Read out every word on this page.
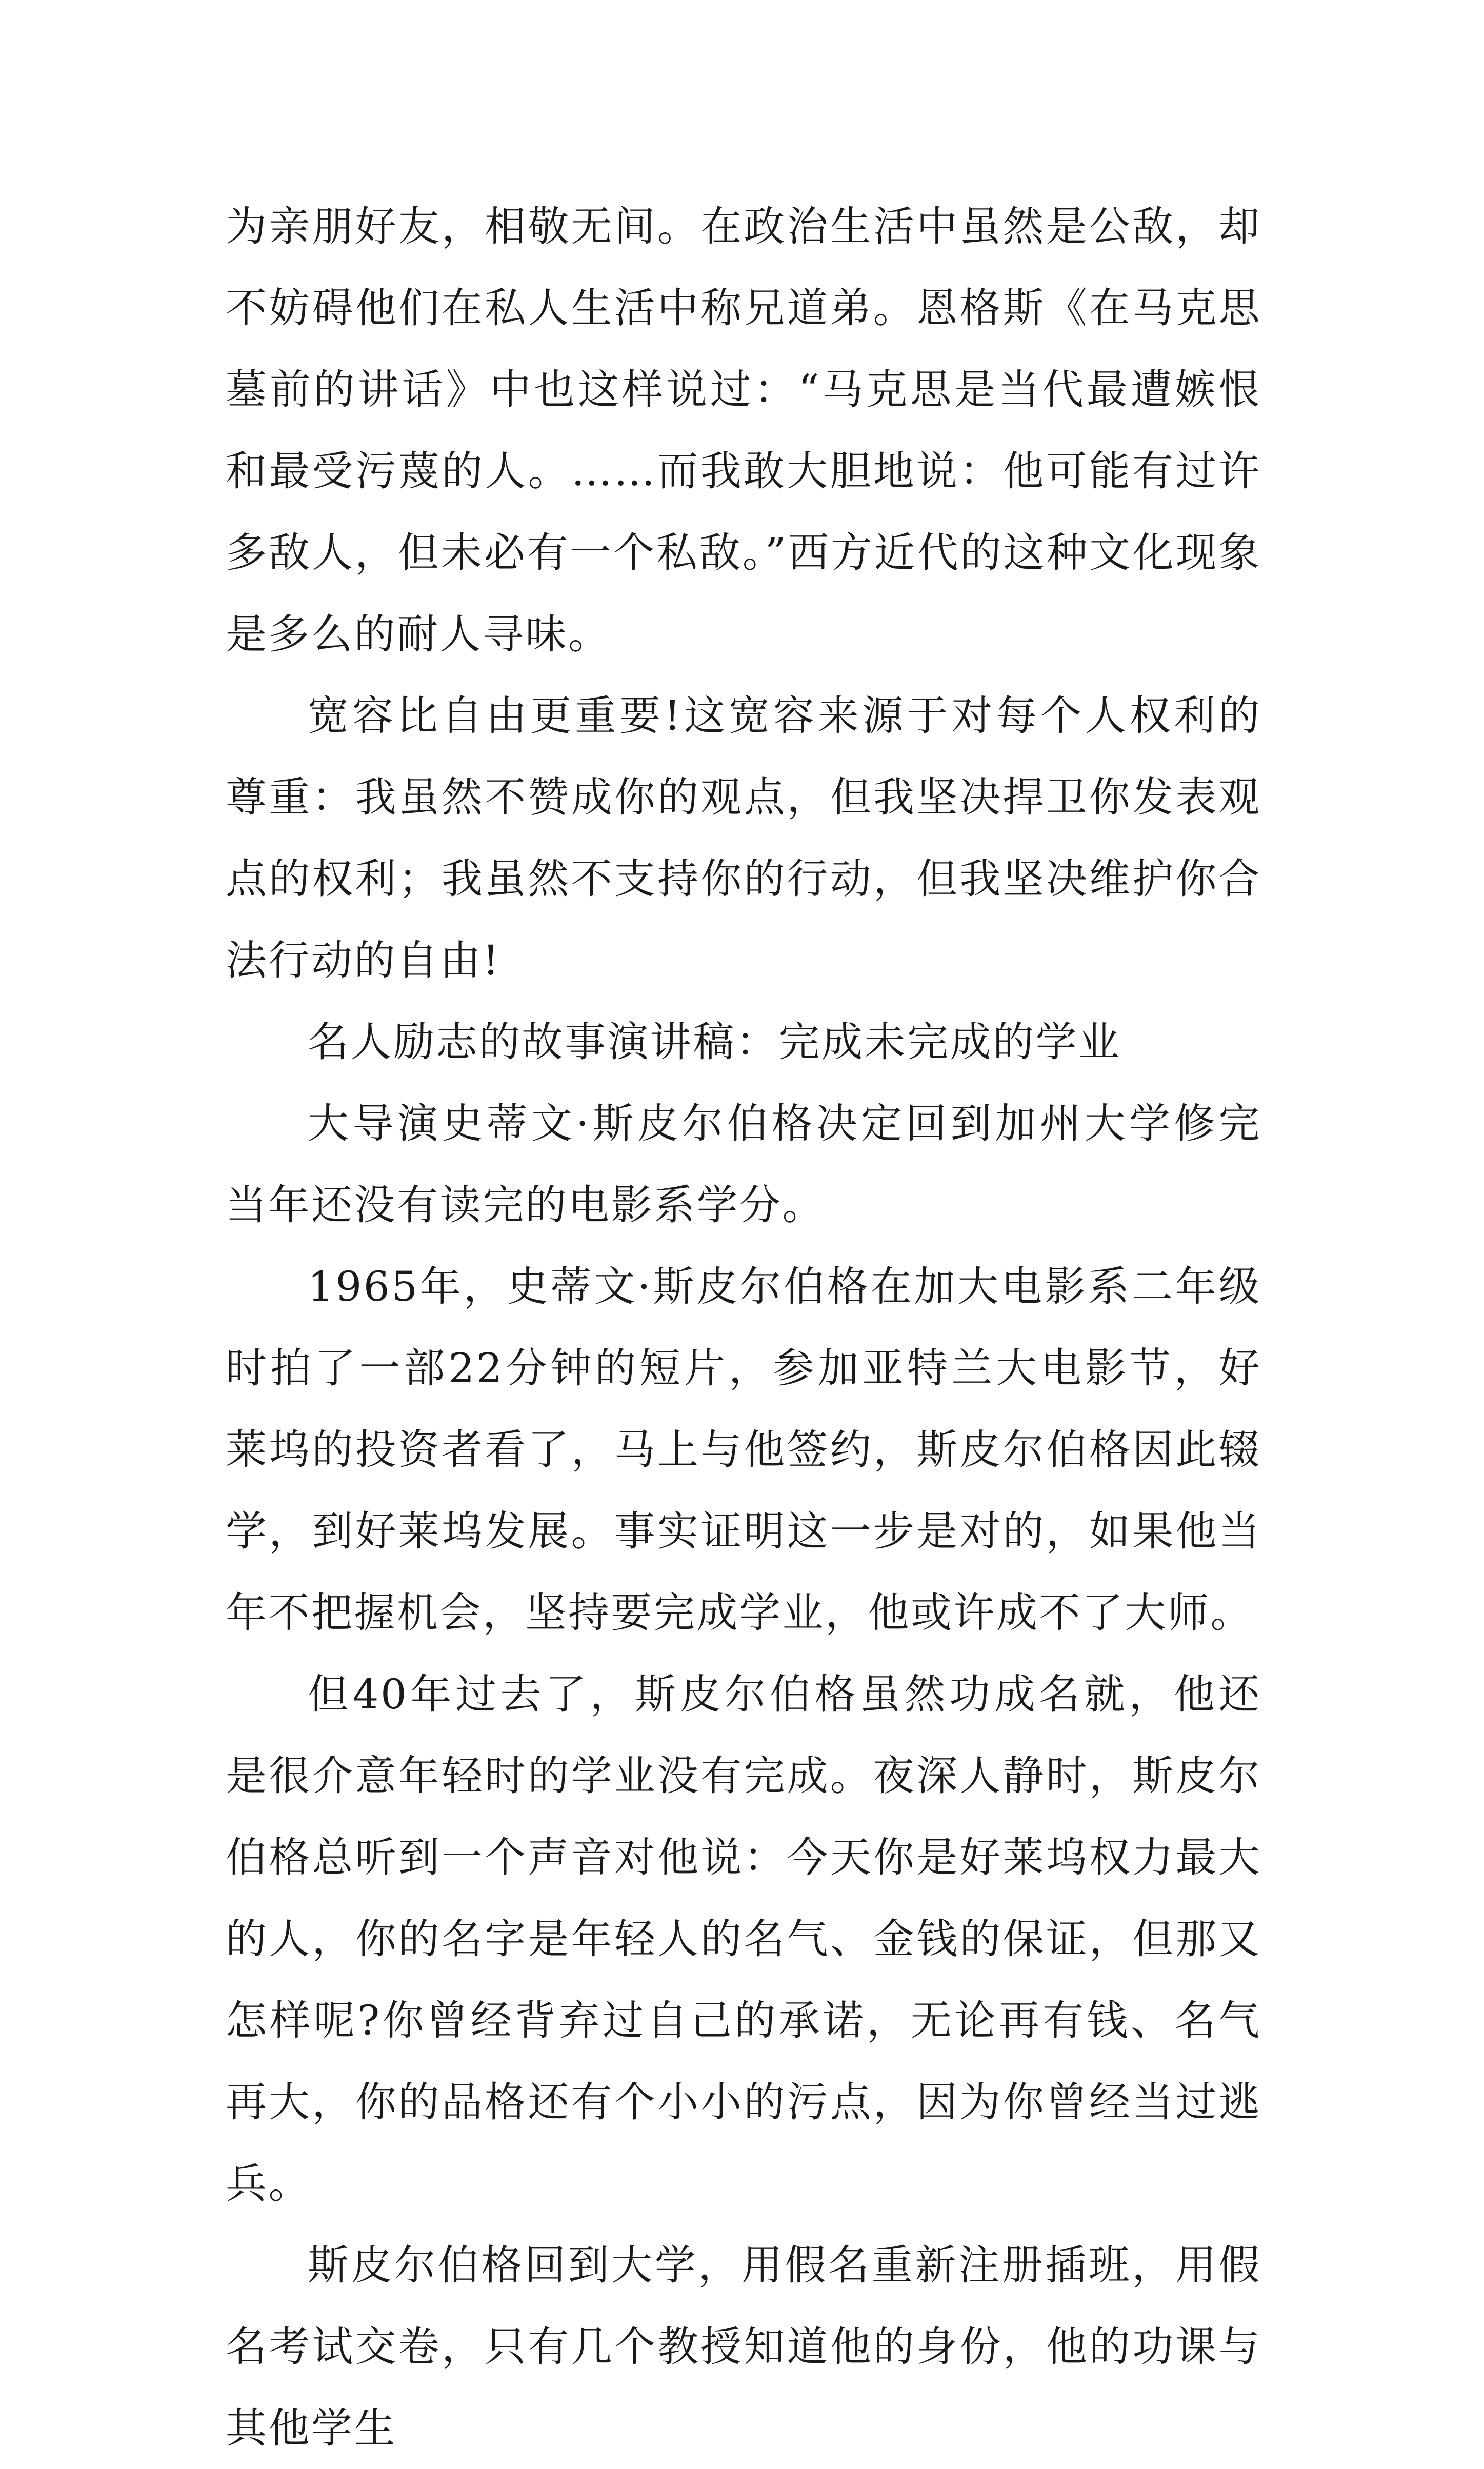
为亲朋好友，相敬无间。在政治生活中虽然是公敌，却不妨碍他们在私人生活中称兄道弟。恩格斯《在马克思墓前的讲话》中也这样说过：“马克思是当代最遭嫉恨和最受污蔑的人。……而我敢大胆地说：他可能有过许多敌人，但未必有一个私敌。”西方近代的这种文化现象是多么的耐人寻味。

宽容比自由更重要!这宽容来源于对每个人权利的尊重：我虽然不赞成你的观点，但我坚决捍卫你发表观点的权利；我虽然不支持你的行动，但我坚决维护你合法行动的自由!

名人励志的故事演讲稿：完成未完成的学业

大导演史蒂文·斯皮尔伯格决定回到加州大学修完当年还没有读完的电影系学分。

1965年，史蒂文·斯皮尔伯格在加大电影系二年级时拍了一部22分钟的短片，参加亚特兰大电影节，好莱坞的投资者看了，马上与他签约，斯皮尔伯格因此辍学，到好莱坞发展。事实证明这一步是对的，如果他当年不把握机会，坚持要完成学业，他或许成不了大师。

但40年过去了，斯皮尔伯格虽然功成名就，他还是很介意年轻时的学业没有完成。夜深人静时，斯皮尔伯格总听到一个声音对他说：今天你是好莱坞权力最大的人，你的名字是年轻人的名气、金钱的保证，但那又怎样呢?你曾经背弃过自己的承诺，无论再有钱、名气再大，你的品格还有个小小的污点，因为你曾经当过逃兵。

斯皮尔伯格回到大学，用假名重新注册插班，用假名考试交卷，只有几个教授知道他的身份，他的功课与其他学生
